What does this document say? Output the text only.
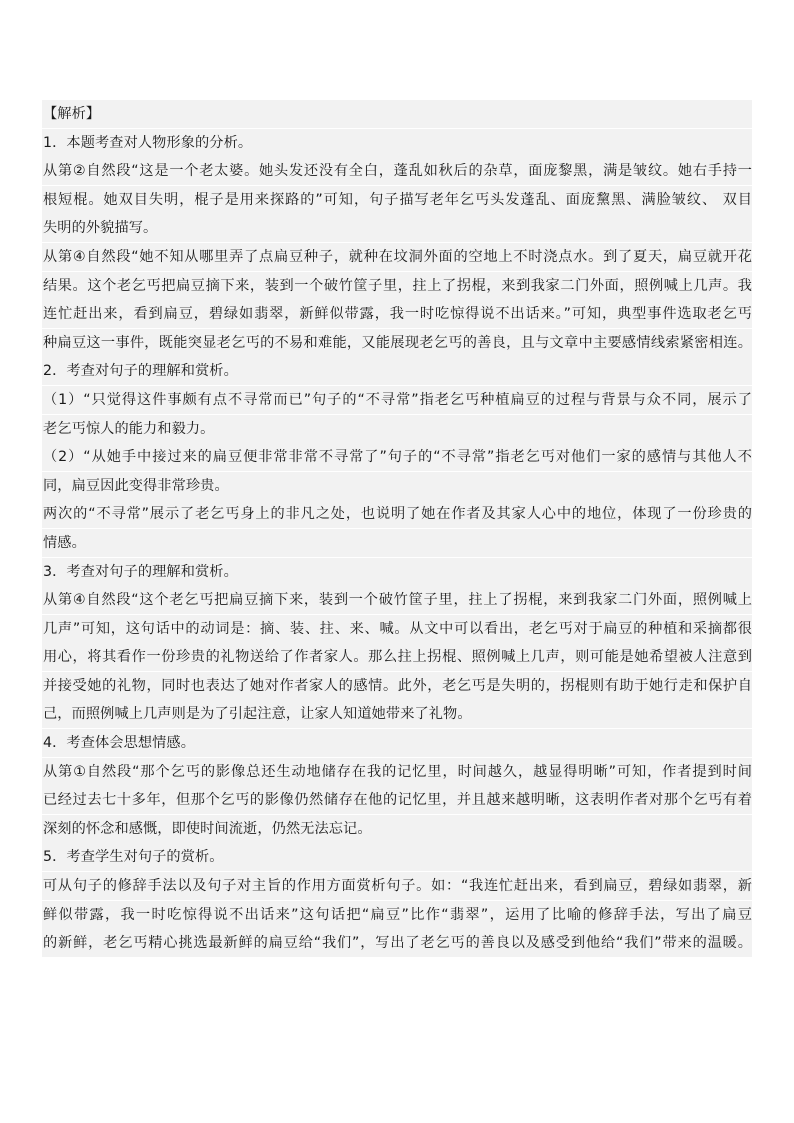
【解析】
1．本题考查对人物形象的分析。
从第②自然段“这是一个老太婆。她头发还没有全白，蓬乱如秋后的杂草，面庞黎黑，满是皱纹。她右手持一
根短棍。她双目失明，棍子是用来探路的”可知，句子描写老年乞丐头发蓬乱、面庞黧黑、满脸皱纹、 双目
失明的外貌描写。
从第④自然段“她不知从哪里弄了点扁豆种子，就种在坟洞外面的空地上不时浇点水。到了夏天，扁豆就开花
结果。这个老乞丐把扁豆摘下来，装到一个破竹筐子里，拄上了拐棍，来到我家二门外面，照例喊上几声。我
连忙赶出来，看到扁豆，碧绿如翡翠，新鲜似带露，我一时吃惊得说不出话来。”可知，典型事件选取老乞丐
种扁豆这一事件，既能突显老乞丐的不易和难能，又能展现老乞丐的善良，且与文章中主要感情线索紧密相连。
2．考查对句子的理解和赏析。
（1）“只觉得这件事颇有点不寻常而已”句子的“不寻常”指老乞丐种植扁豆的过程与背景与众不同，展示了
老乞丐惊人的能力和毅力。
（2）“从她手中接过来的扁豆便非常非常不寻常了”句子的“不寻常”指老乞丐对他们一家的感情与其他人不
同，扁豆因此变得非常珍贵。
两次的“不寻常”展示了老乞丐身上的非凡之处，也说明了她在作者及其家人心中的地位，体现了一份珍贵的
情感。
3．考查对句子的理解和赏析。
从第④自然段“这个老乞丐把扁豆摘下来，装到一个破竹筐子里，拄上了拐棍，来到我家二门外面，照例喊上
几声”可知，这句话中的动词是：摘、装、拄、来、喊。从文中可以看出，老乞丐对于扁豆的种植和采摘都很
用心，将其看作一份珍贵的礼物送给了作者家人。那么拄上拐棍、照例喊上几声，则可能是她希望被人注意到
并接受她的礼物，同时也表达了她对作者家人的感情。此外，老乞丐是失明的，拐棍则有助于她行走和保护自
己，而照例喊上几声则是为了引起注意，让家人知道她带来了礼物。
4．考查体会思想情感。
从第①自然段“那个乞丐的影像总还生动地储存在我的记忆里，时间越久，越显得明晰”可知，作者提到时间
已经过去七十多年，但那个乞丐的影像仍然储存在他的记忆里，并且越来越明晰，这表明作者对那个乞丐有着
深刻的怀念和感慨，即使时间流逝，仍然无法忘记。
5．考查学生对句子的赏析。
可从句子的修辞手法以及句子对主旨的作用方面赏析句子。如：“我连忙赶出来，看到扁豆，碧绿如翡翠，新
鲜似带露，我一时吃惊得说不出话来”这句话把“扁豆”比作“翡翠”，运用了比喻的修辞手法，写出了扁豆
的新鲜，老乞丐精心挑选最新鲜的扁豆给“我们”，写出了老乞丐的善良以及感受到他给“我们”带来的温暖。
